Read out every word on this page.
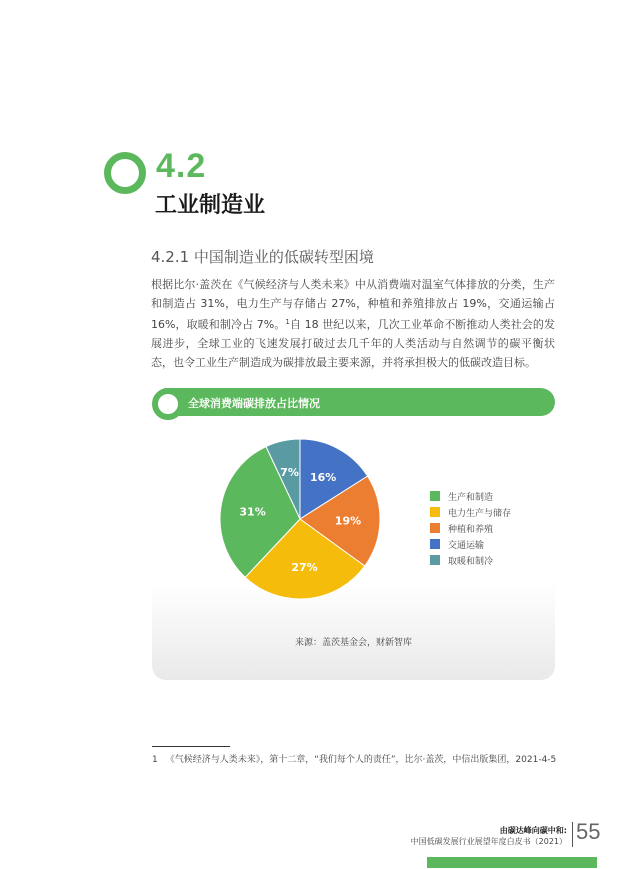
4.2
工业制造业
4.2.1 中国制造业的低碳转型困境
根据比尔·盖茨在《气候经济与人类未来》中从消费端对温室气体排放的分类，生产和制造占 31%，电力生产与存储占 27%，种植和养殖排放占 19%，交通运输占 16%，取暖和制冷占 7%。$^1$自 18 世纪以来，几次工业革命不断推动人类社会的发展进步，全球工业的飞速发展打破过去几千年的人类活动与自然调节的碳平衡状态，也令工业生产制造成为碳排放最主要来源，并将承担极大的低碳改造目标。
全球消费端碳排放占比情况
7% 16%
19%
27%
31%
生产和制造
电力生产与储存
种植和养殖
交通运输
取暖和制冷
来源：盖茨基金会，财新智库
1 《气候经济与人类未来》，第十二章，“我们每个人的责任”，比尔·盖茨，中信出版集团，2021-4-5
由碳达峰向碳中和:
中国低碳发展行业展望年度白皮书（2021） 55
